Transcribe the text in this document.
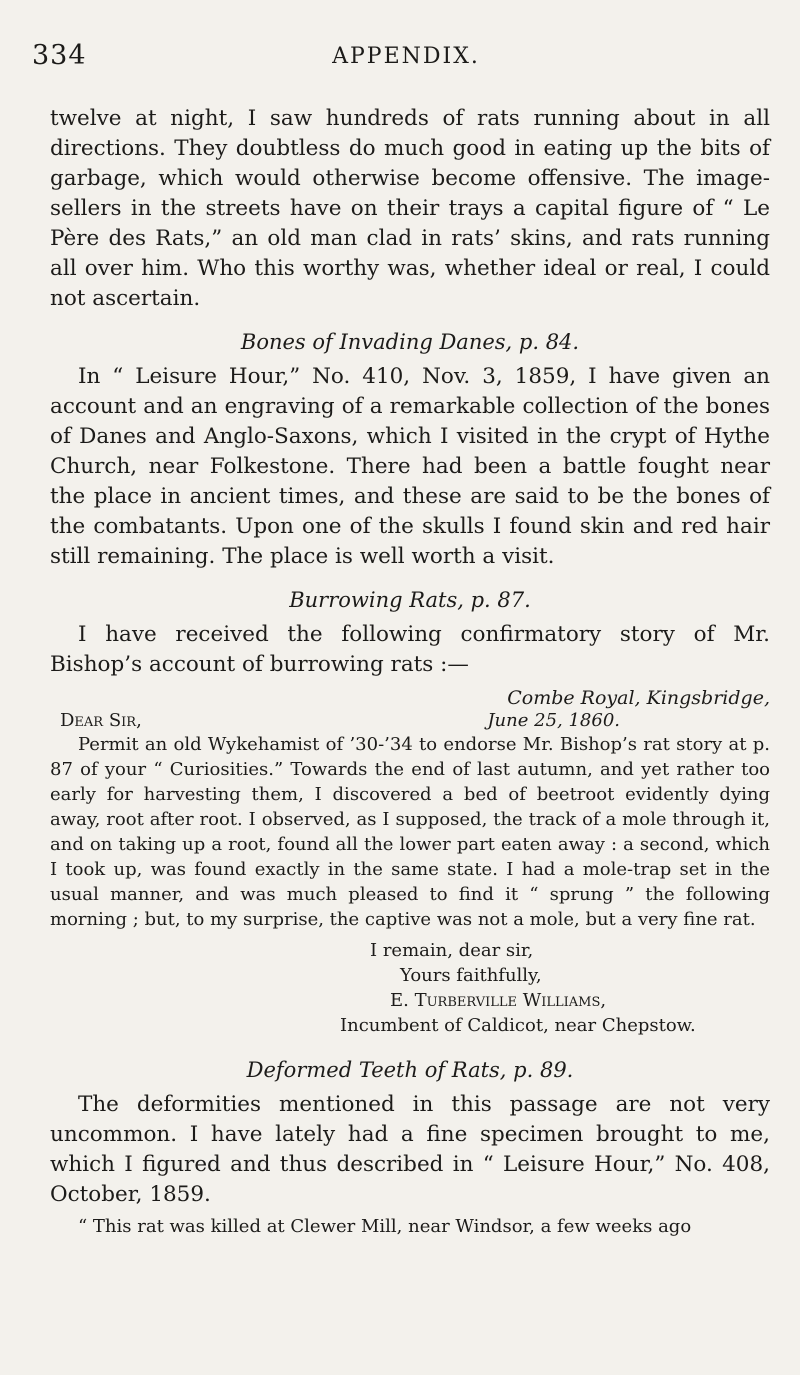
334	APPENDIX.

twelve at night, I saw hundreds of rats running about in all directions. They doubtless do much good in eating up the bits of garbage, which would otherwise become offensive. The image-sellers in the streets have on their trays a capital figure of “ Le Père des Rats,” an old man clad in rats’ skins, and rats running all over him. Who this worthy was, whether ideal or real, I could not ascertain.

Bones of Invading Danes, p. 84.

In “ Leisure Hour,” No. 410, Nov. 3, 1859, I have given an account and an engraving of a remarkable collection of the bones of Danes and Anglo-Saxons, which I visited in the crypt of Hythe Church, near Folkestone. There had been a battle fought near the place in ancient times, and these are said to be the bones of the combatants. Upon one of the skulls I found skin and red hair still remaining. The place is well worth a visit.

Burrowing Rats, p. 87.

I have received the following confirmatory story of Mr. Bishop’s account of burrowing rats :—

Combe Royal, Kingsbridge,
Dear Sir,	June 25, 1860.

Permit an old Wykehamist of ’30-’34 to endorse Mr. Bishop’s rat story at p. 87 of your “ Curiosities.” Towards the end of last autumn, and yet rather too early for harvesting them, I discovered a bed of beetroot evidently dying away, root after root. I observed, as I supposed, the track of a mole through it, and on taking up a root, found all the lower part eaten away : a second, which I took up, was found exactly in the same state. I had a mole-trap set in the usual manner, and was much pleased to find it “ sprung ” the following morning ; but, to my surprise, the captive was not a mole, but a very fine rat.

I remain, dear sir,
Yours faithfully,
E. Turberville Williams,
Incumbent of Caldicot, near Chepstow.
Deformed Teeth of Rats, p. 89.

The deformities mentioned in this passage are not very uncommon. I have lately had a fine specimen brought to me, which I figured and thus described in “ Leisure Hour,” No. 408, October, 1859.

“ This rat was killed at Clewer Mill, near Windsor, a few weeks ago
